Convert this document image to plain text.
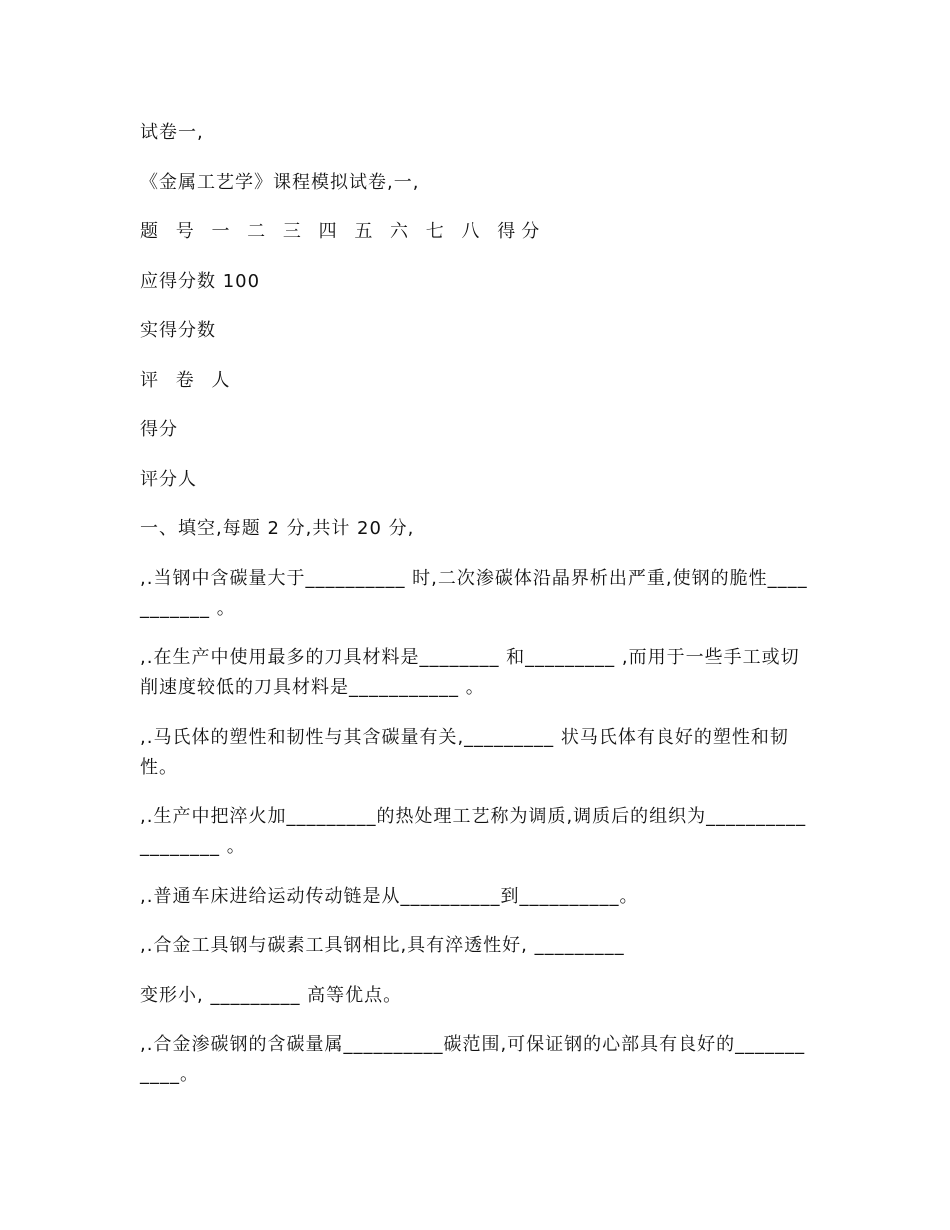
试卷一,
《金属工艺学》课程模拟试卷,一,
题 号 一 二 三 四 五 六 七 八 得分
应得分数 100
实得分数
评 卷 人
得分
评分人
一、填空,每题 2 分,共计 20 分,
,.当钢中含碳量大于__________ 时,二次渗碳体沿晶界析出严重,使钢的脆性___________ 。
,.在生产中使用最多的刀具材料是________ 和_________ ,而用于一些手工或切削速度较低的刀具材料是___________ 。
,.马氏体的塑性和韧性与其含碳量有关,_________ 状马氏体有良好的塑性和韧性。
,.生产中把淬火加_________的热处理工艺称为调质,调质后的组织为__________________ 。
,.普通车床进给运动传动链是从__________到__________。
,.合金工具钢与碳素工具钢相比,具有淬透性好, _________
变形小, _________ 高等优点。
,.合金渗碳钢的含碳量属__________碳范围,可保证钢的心部具有良好的___________。
